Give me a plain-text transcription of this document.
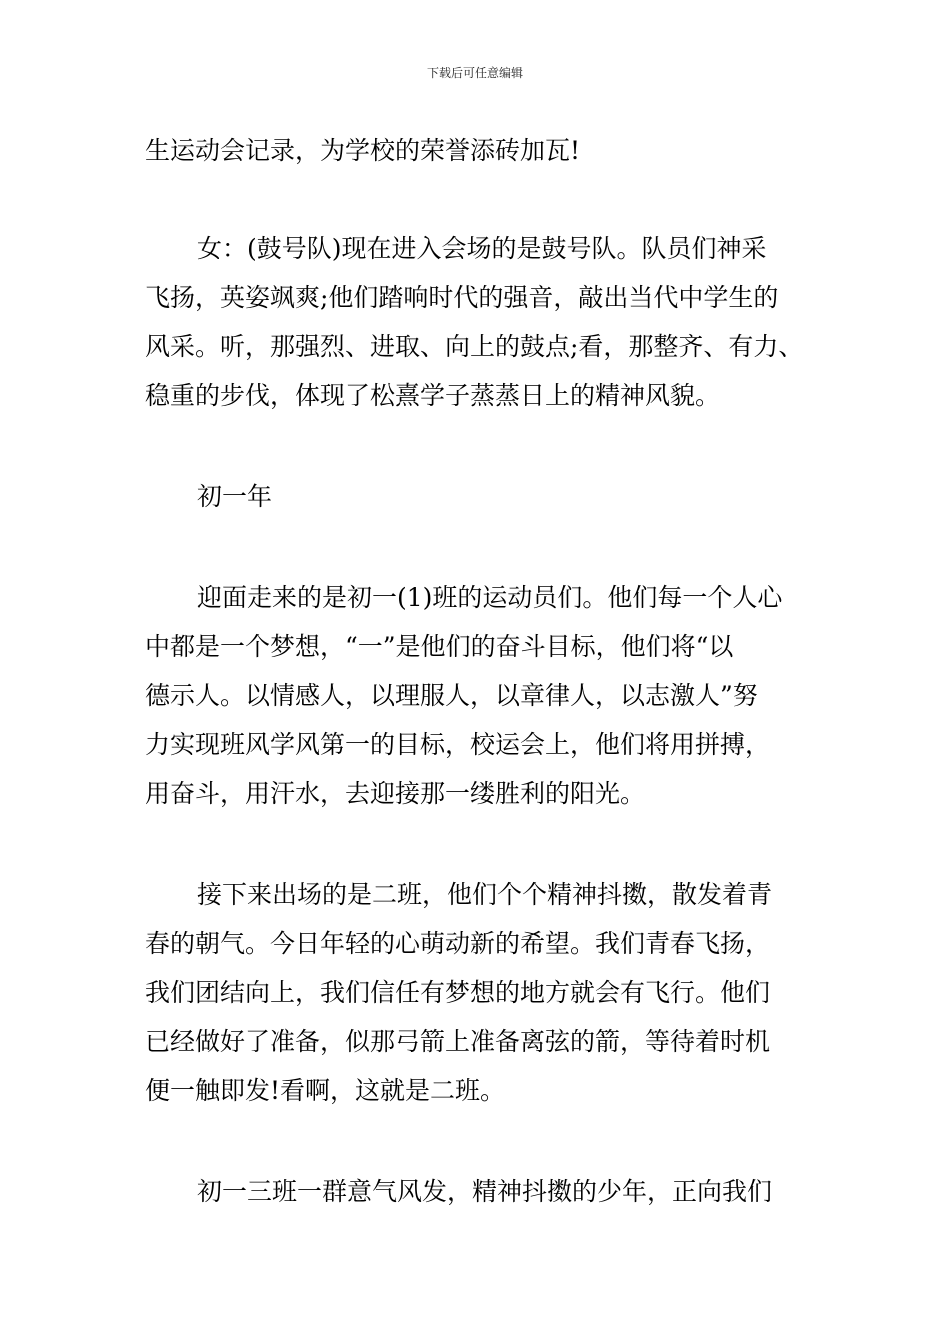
下载后可任意编辑
生运动会记录，为学校的荣誉添砖加瓦!
女：(鼓号队)现在进入会场的是鼓号队。队员们神采
飞扬，英姿飒爽;他们踏响时代的强音，敲出当代中学生的
风采。听，那强烈、进取、向上的鼓点;看，那整齐、有力、
稳重的步伐，体现了松熹学子蒸蒸日上的精神风貌。
初一年
迎面走来的是初一(1)班的运动员们。他们每一个人心
中都是一个梦想，“一”是他们的奋斗目标，他们将“以
德示人。以情感人，以理服人，以章律人，以志激人”努
力实现班风学风第一的目标，校运会上，他们将用拼搏，
用奋斗，用汗水，去迎接那一缕胜利的阳光。
接下来出场的是二班，他们个个精神抖擞，散发着青
春的朝气。今日年轻的心萌动新的希望。我们青春飞扬，
我们团结向上，我们信任有梦想的地方就会有飞行。他们
已经做好了准备，似那弓箭上准备离弦的箭，等待着时机
便一触即发!看啊，这就是二班。
初一三班一群意气风发，精神抖擞的少年，正向我们
